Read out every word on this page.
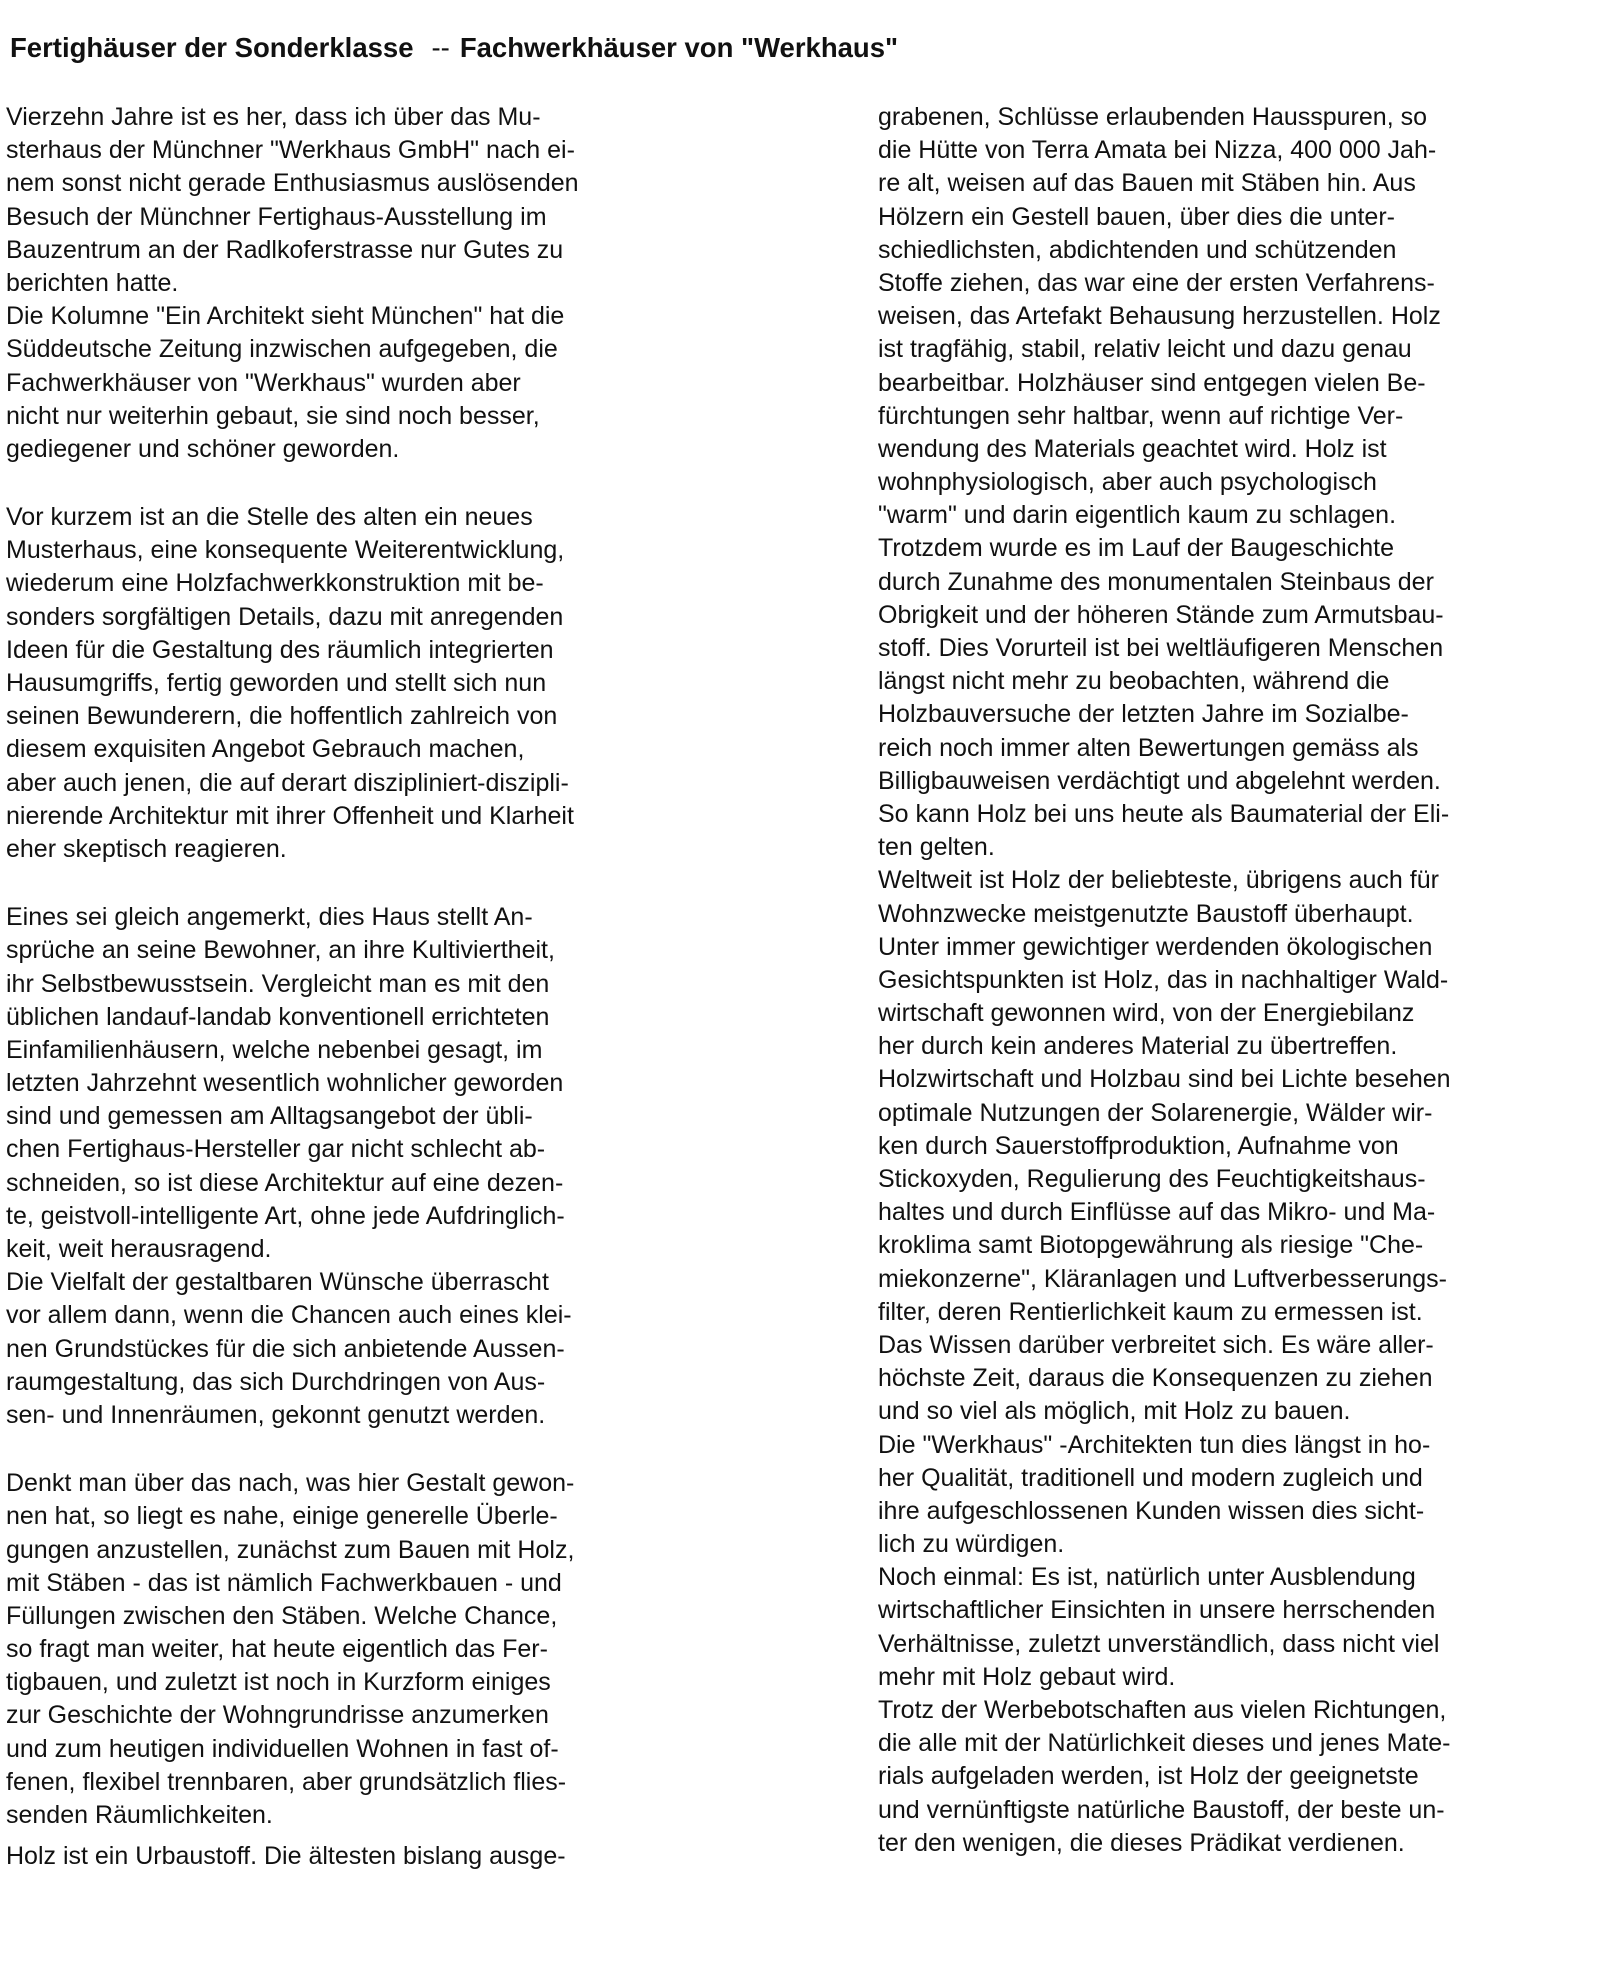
Fertighäuser der Sonderklasse -- Fachwerkhäuser von "Werkhaus"
Vierzehn Jahre ist es her, dass ich über das Mu-
sterhaus der Münchner "Werkhaus GmbH" nach ei-
nem sonst nicht gerade Enthusiasmus auslösenden
Besuch der Münchner Fertighaus-Ausstellung im
Bauzentrum an der Radlkoferstrasse nur Gutes zu
berichten hatte.
Die Kolumne "Ein Architekt sieht München" hat die
Süddeutsche Zeitung inzwischen aufgegeben, die
Fachwerkhäuser von "Werkhaus" wurden aber
nicht nur weiterhin gebaut, sie sind noch besser,
gediegener und schöner geworden.
Vor kurzem ist an die Stelle des alten ein neues
Musterhaus, eine konsequente Weiterentwicklung,
wiederum eine Holzfachwerkkonstruktion mit be-
sonders sorgfältigen Details, dazu mit anregenden
Ideen für die Gestaltung des räumlich integrierten
Hausumgriffs, fertig geworden und stellt sich nun
seinen Bewunderern, die hoffentlich zahlreich von
diesem exquisiten Angebot Gebrauch machen,
aber auch jenen, die auf derart diszipliniert-diszipli-
nierende Architektur mit ihrer Offenheit und Klarheit
eher skeptisch reagieren.
Eines sei gleich angemerkt, dies Haus stellt An-
sprüche an seine Bewohner, an ihre Kultiviertheit,
ihr Selbstbewusstsein. Vergleicht man es mit den
üblichen landauf-landab konventionell errichteten
Einfamilienhäusern, welche nebenbei gesagt, im
letzten Jahrzehnt wesentlich wohnlicher geworden
sind und gemessen am Alltagsangebot der übli-
chen Fertighaus-Hersteller gar nicht schlecht ab-
schneiden, so ist diese Architektur auf eine dezen-
te, geistvoll-intelligente Art, ohne jede Aufdringlich-
keit, weit herausragend.
Die Vielfalt der gestaltbaren Wünsche überrascht
vor allem dann, wenn die Chancen auch eines klei-
nen Grundstückes für die sich anbietende Aussen-
raumgestaltung, das sich Durchdringen von Aus-
sen- und Innenräumen, gekonnt genutzt werden.
Denkt man über das nach, was hier Gestalt gewon-
nen hat, so liegt es nahe, einige generelle Überle-
gungen anzustellen, zunächst zum Bauen mit Holz,
mit Stäben - das ist nämlich Fachwerkbauen - und
Füllungen zwischen den Stäben. Welche Chance,
so fragt man weiter, hat heute eigentlich das Fer-
tigbauen, und zuletzt ist noch in Kurzform einiges
zur Geschichte der Wohngrundrisse anzumerken
und zum heutigen individuellen Wohnen in fast of-
fenen, flexibel trennbaren, aber grundsätzlich flies-
senden Räumlichkeiten.
Holz ist ein Urbaustoff. Die ältesten bislang ausge-
grabenen, Schlüsse erlaubenden Hausspuren, so
die Hütte von Terra Amata bei Nizza, 400 000 Jah-
re alt, weisen auf das Bauen mit Stäben hin. Aus
Hölzern ein Gestell bauen, über dies die unter-
schiedlichsten, abdichtenden und schützenden
Stoffe ziehen, das war eine der ersten Verfahrens-
weisen, das Artefakt Behausung herzustellen. Holz
ist tragfähig, stabil, relativ leicht und dazu genau
bearbeitbar. Holzhäuser sind entgegen vielen Be-
fürchtungen sehr haltbar, wenn auf richtige Ver-
wendung des Materials geachtet wird. Holz ist
wohnphysiologisch, aber auch psychologisch
"warm" und darin eigentlich kaum zu schlagen.
Trotzdem wurde es im Lauf der Baugeschichte
durch Zunahme des monumentalen Steinbaus der
Obrigkeit und der höheren Stände zum Armutsbau-
stoff. Dies Vorurteil ist bei weltläufigeren Menschen
längst nicht mehr zu beobachten, während die
Holzbauversuche der letzten Jahre im Sozialbe-
reich noch immer alten Bewertungen gemäss als
Billigbauweisen verdächtigt und abgelehnt werden.
So kann Holz bei uns heute als Baumaterial der Eli-
ten gelten.
Weltweit ist Holz der beliebteste, übrigens auch für
Wohnzwecke meistgenutzte Baustoff überhaupt.
Unter immer gewichtiger werdenden ökologischen
Gesichtspunkten ist Holz, das in nachhaltiger Wald-
wirtschaft gewonnen wird, von der Energiebilanz
her durch kein anderes Material zu übertreffen.
Holzwirtschaft und Holzbau sind bei Lichte besehen
optimale Nutzungen der Solarenergie, Wälder wir-
ken durch Sauerstoffproduktion, Aufnahme von
Stickoxyden, Regulierung des Feuchtigkeitshaus-
haltes und durch Einflüsse auf das Mikro- und Ma-
kroklima samt Biotopgewährung als riesige "Che-
miekonzerne", Kläranlagen und Luftverbesserungs-
filter, deren Rentierlichkeit kaum zu ermessen ist.
Das Wissen darüber verbreitet sich. Es wäre aller-
höchste Zeit, daraus die Konsequenzen zu ziehen
und so viel als möglich, mit Holz zu bauen.
Die "Werkhaus" -Architekten tun dies längst in ho-
her Qualität, traditionell und modern zugleich und
ihre aufgeschlossenen Kunden wissen dies sicht-
lich zu würdigen.
Noch einmal: Es ist, natürlich unter Ausblendung
wirtschaftlicher Einsichten in unsere herrschenden
Verhältnisse, zuletzt unverständlich, dass nicht viel
mehr mit Holz gebaut wird.
Trotz der Werbebotschaften aus vielen Richtungen,
die alle mit der Natürlichkeit dieses und jenes Mate-
rials aufgeladen werden, ist Holz der geeignetste
und vernünftigste natürliche Baustoff, der beste un-
ter den wenigen, die dieses Prädikat verdienen.
